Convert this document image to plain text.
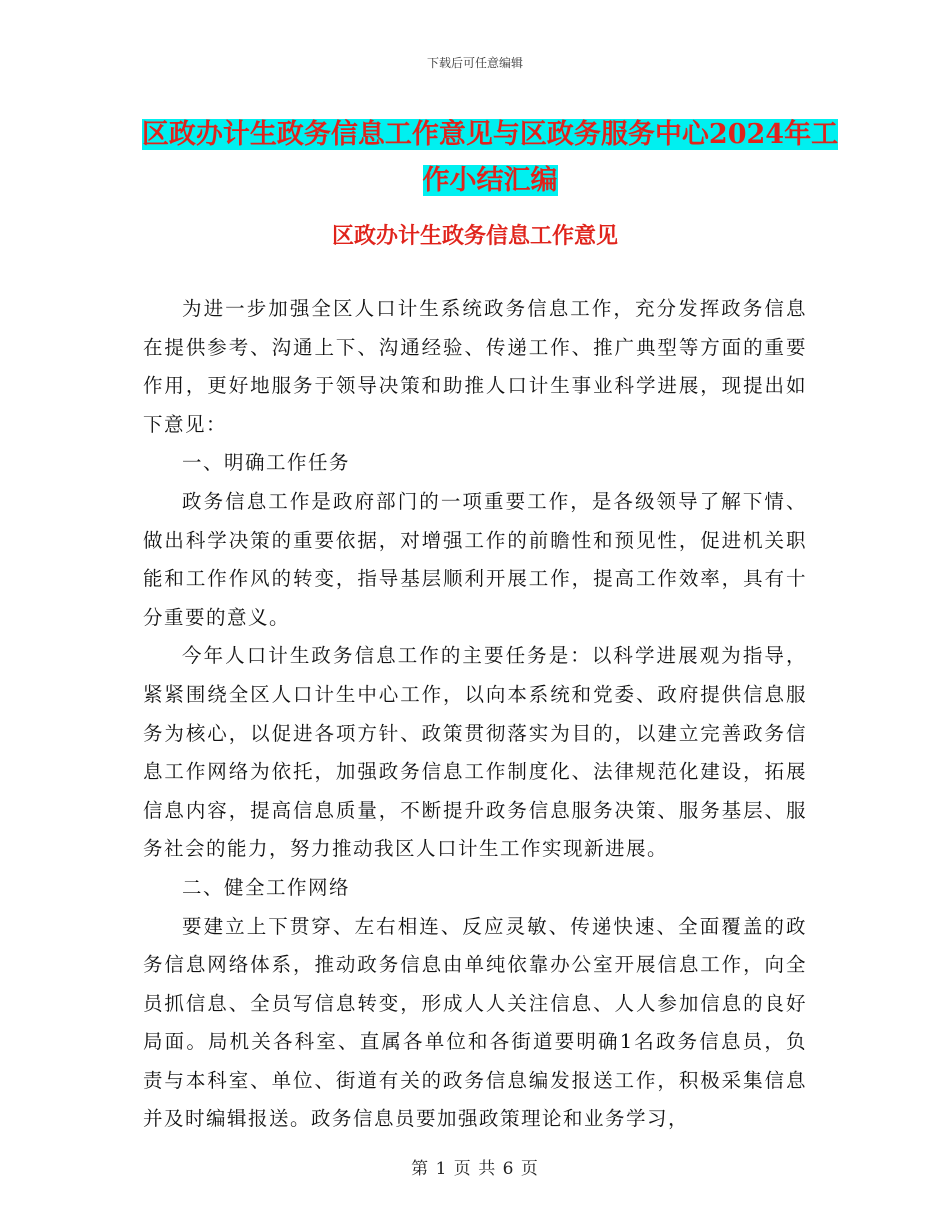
下载后可任意编辑
区政办计生政务信息工作意见与区政务服务中心2024年工作小结汇编
区政办计生政务信息工作意见

为进一步加强全区人口计生系统政务信息工作，充分发挥政务信息在提供参考、沟通上下、沟通经验、传递工作、推广典型等方面的重要作用，更好地服务于领导决策和助推人口计生事业科学进展，现提出如下意见：

一、明确工作任务

政务信息工作是政府部门的一项重要工作，是各级领导了解下情、做出科学决策的重要依据，对增强工作的前瞻性和预见性，促进机关职能和工作作风的转变，指导基层顺利开展工作，提高工作效率，具有十分重要的意义。

今年人口计生政务信息工作的主要任务是：以科学进展观为指导，紧紧围绕全区人口计生中心工作，以向本系统和党委、政府提供信息服务为核心，以促进各项方针、政策贯彻落实为目的，以建立完善政务信息工作网络为依托，加强政务信息工作制度化、法律规范化建设，拓展信息内容，提高信息质量，不断提升政务信息服务决策、服务基层、服务社会的能力，努力推动我区人口计生工作实现新进展。

二、健全工作网络

要建立上下贯穿、左右相连、反应灵敏、传递快速、全面覆盖的政务信息网络体系，推动政务信息由单纯依靠办公室开展信息工作，向全员抓信息、全员写信息转变，形成人人关注信息、人人参加信息的良好局面。局机关各科室、直属各单位和各街道要明确1名政务信息员，负责与本科室、单位、街道有关的政务信息编发报送工作，积极采集信息并及时编辑报送。政务信息员要加强政策理论和业务学习，

第 1 页 共 6 页
